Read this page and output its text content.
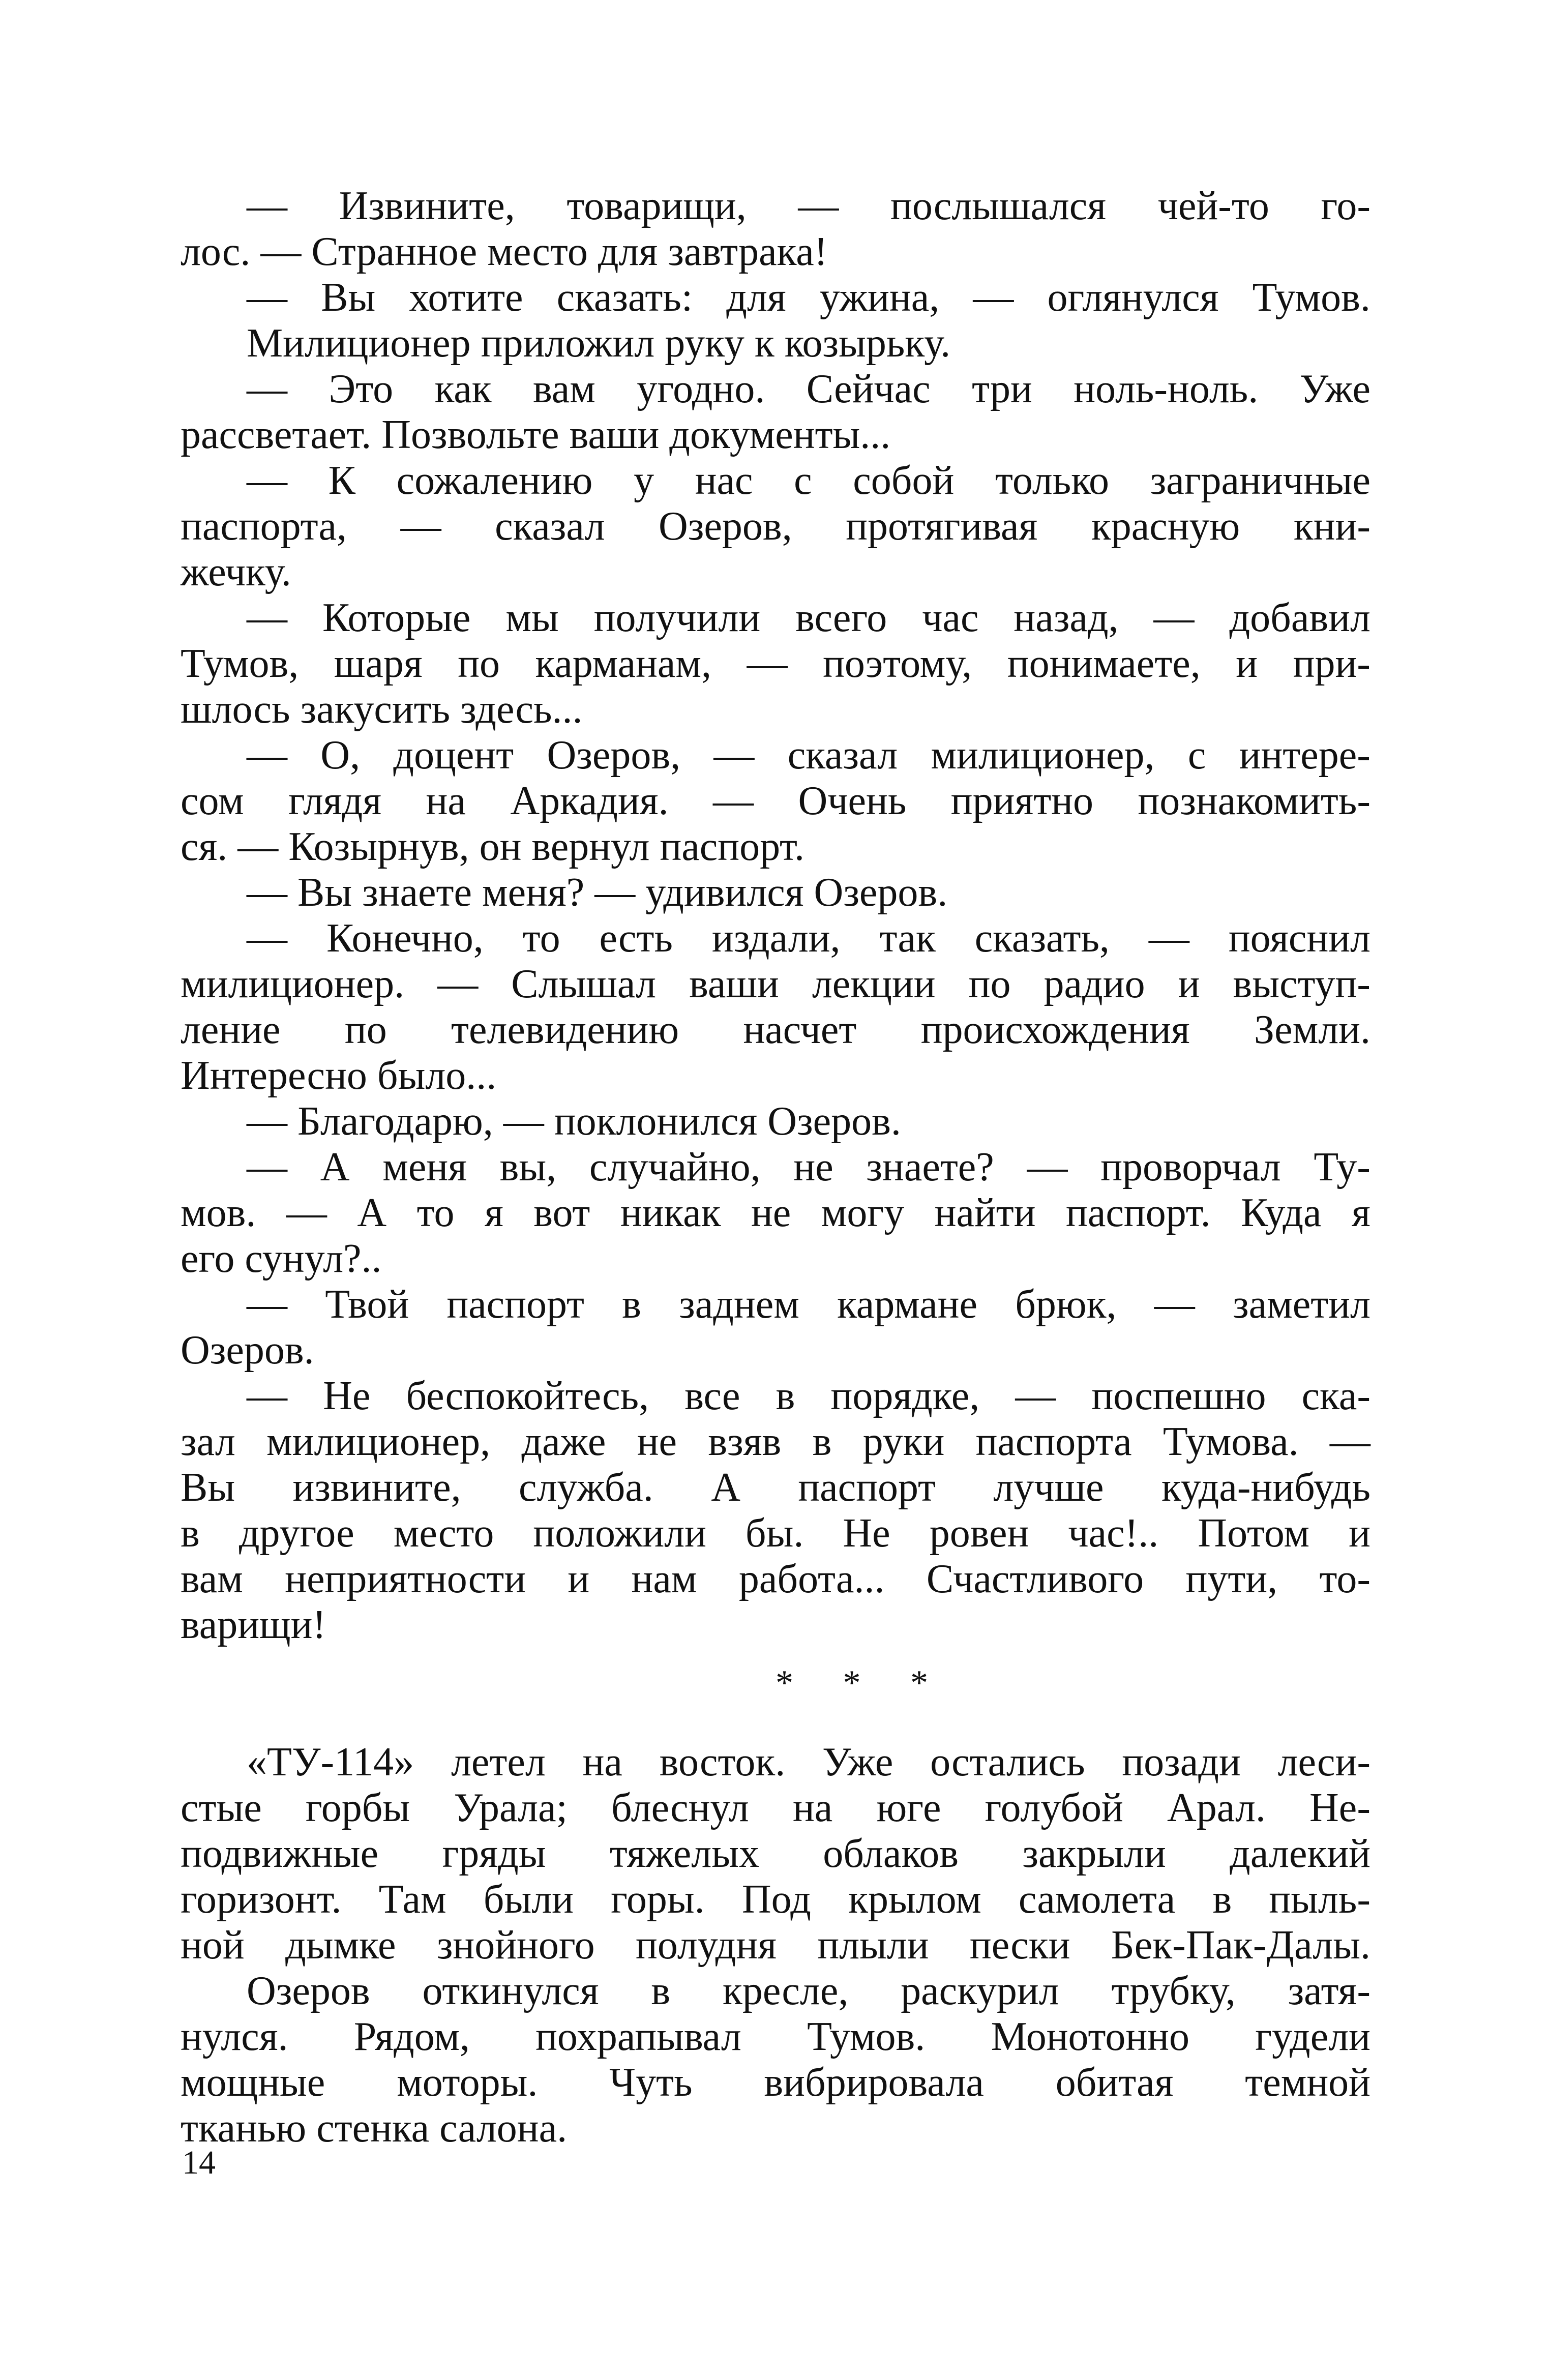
— Извините, товарищи, — послышался чей-то го-
лос. — Странное место для завтрака!
— Вы хотите сказать: для ужина, — оглянулся Тумов.
Милиционер приложил руку к козырьку.
— Это как вам угодно. Сейчас три ноль-ноль. Уже
рассветает. Позвольте ваши документы...
— К сожалению у нас с собой только заграничные
паспорта, — сказал Озеров, протягивая красную кни-
жечку.
— Которые мы получили всего час назад, — добавил
Тумов, шаря по карманам, — поэтому, понимаете, и при-
шлось закусить здесь...
— О, доцент Озеров, — сказал милиционер, с интере-
сом глядя на Аркадия. — Очень приятно познакомить-
ся. — Козырнув, он вернул паспорт.
— Вы знаете меня? — удивился Озеров.
— Конечно, то есть издали, так сказать, — пояснил
милиционер. — Слышал ваши лекции по радио и выступ-
ление по телевидению насчет происхождения Земли.
Интересно было...
— Благодарю, — поклонился Озеров.
— А меня вы, случайно, не знаете? — проворчал Ту-
мов. — А то я вот никак не могу найти паспорт. Куда я
его сунул?..
— Твой паспорт в заднем кармане брюк, — заметил
Озеров.
— Не беспокойтесь, все в порядке, — поспешно ска-
зал милиционер, даже не взяв в руки паспорта Тумова. —
Вы извините, служба. А паспорт лучше куда-нибудь
в другое место положили бы. Не ровен час!.. Потом и
вам неприятности и нам работа... Счастливого пути, то-
варищи!
* * *
«ТУ-114» летел на восток. Уже остались позади леси-
стые горбы Урала; блеснул на юге голубой Арал. Не-
подвижные гряды тяжелых облаков закрыли далекий
горизонт. Там были горы. Под крылом самолета в пыль-
ной дымке знойного полудня плыли пески Бек-Пак-Далы.
Озеров откинулся в кресле, раскурил трубку, затя-
нулся. Рядом, похрапывал Тумов. Монотонно гудели
мощные моторы. Чуть вибрировала обитая темной
тканью стенка салона.
14
